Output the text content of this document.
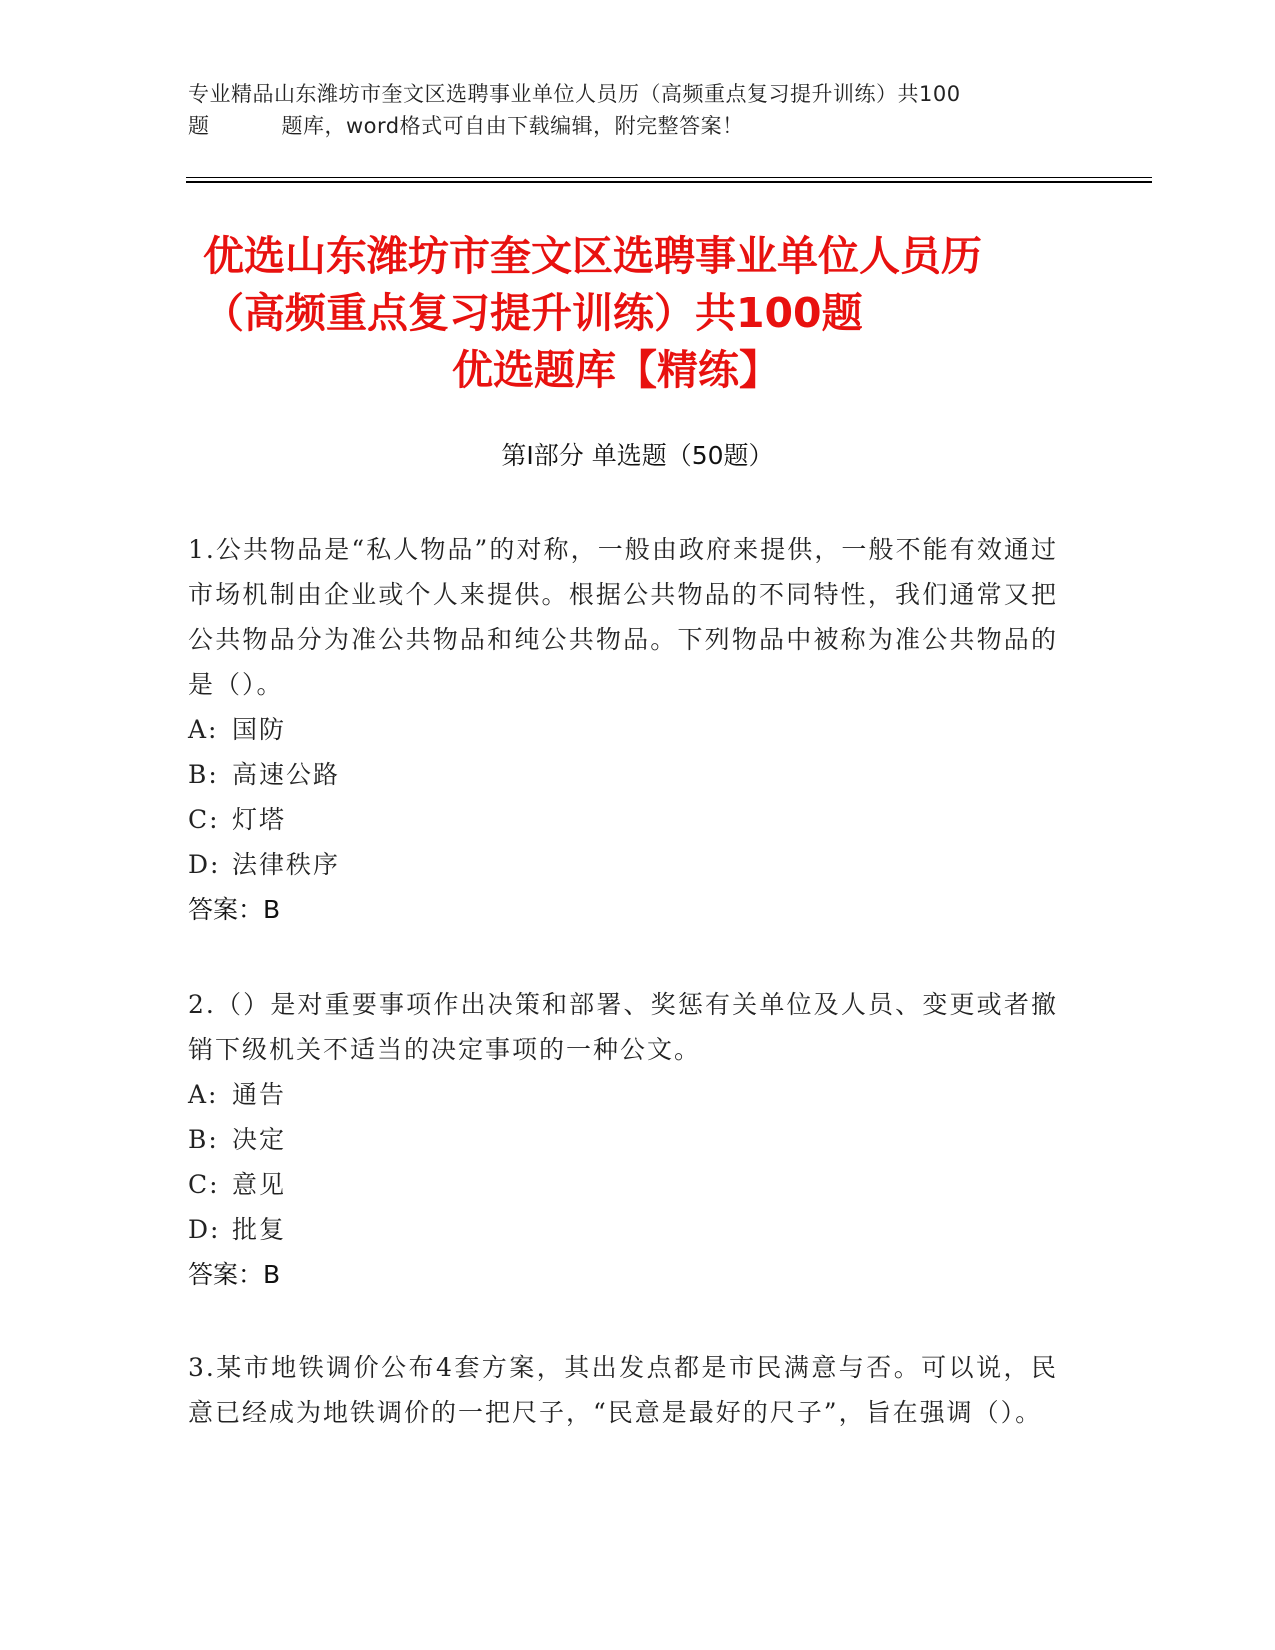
专业精品山东潍坊市奎文区选聘事业单位人员历（高频重点复习提升训练）共100
题	题库，word格式可自由下载编辑，附完整答案！
优选山东潍坊市奎文区选聘事业单位人员历
（高频重点复习提升训练）共100题
优选题库【精练】
第Ⅰ部分 单选题（50题）
1.公共物品是“私人物品”的对称，一般由政府来提供，一般不能有效通过市场机制由企业或个人来提供。根据公共物品的不同特性，我们通常又把公共物品分为准公共物品和纯公共物品。下列物品中被称为准公共物品的是（）。
A: 国防
B: 高速公路
C: 灯塔
D: 法律秩序
答案：B
2.（）是对重要事项作出决策和部署、奖惩有关单位及人员、变更或者撤销下级机关不适当的决定事项的一种公文。
A: 通告
B: 决定
C: 意见
D: 批复
答案：B
3.某市地铁调价公布4套方案，其出发点都是市民满意与否。可以说，民意已经成为地铁调价的一把尺子，“民意是最好的尺子”，旨在强调（）。
